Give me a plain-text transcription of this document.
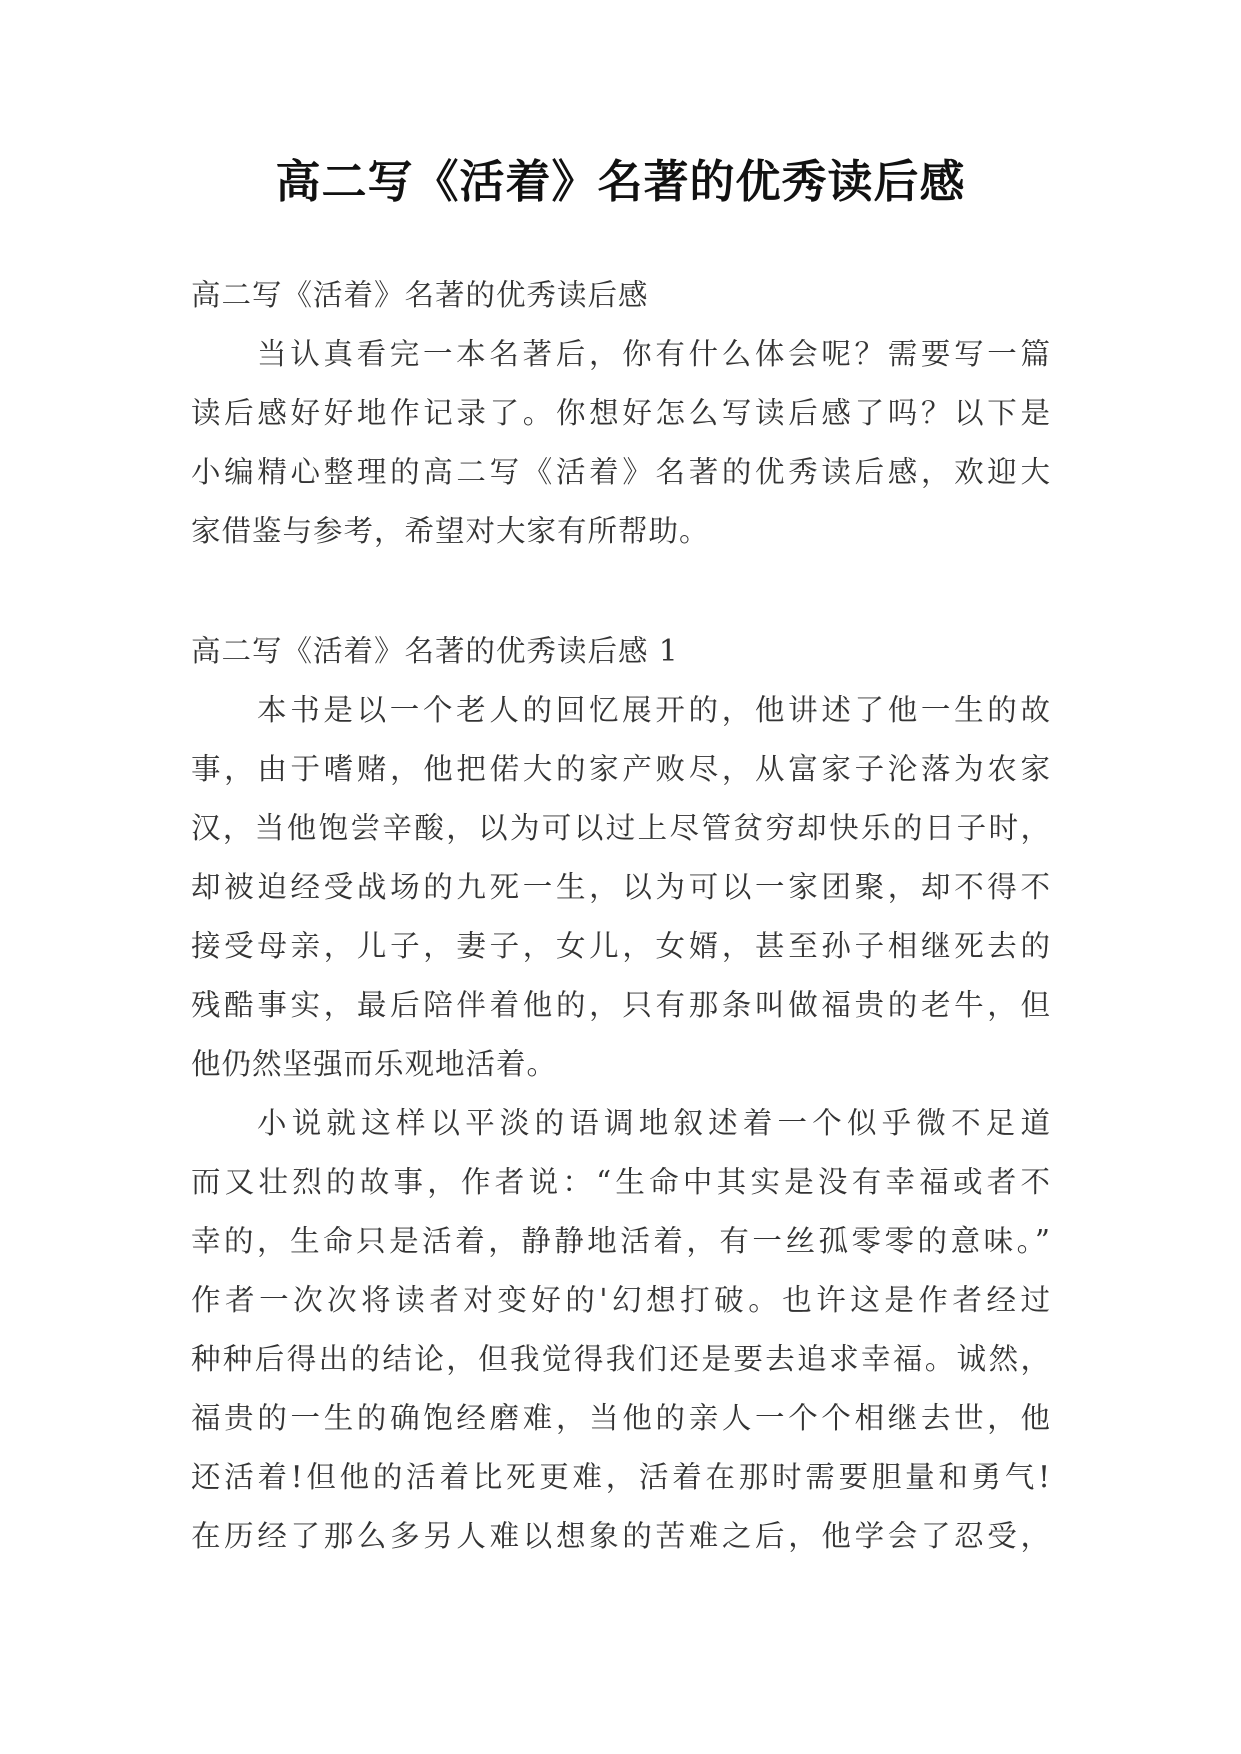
高二写《活着》名著的优秀读后感
高二写《活着》名著的优秀读后感
当认真看完一本名著后，你有什么体会呢？需要写一篇
读后感好好地作记录了。你想好怎么写读后感了吗？以下是
小编精心整理的高二写《活着》名著的优秀读后感，欢迎大
家借鉴与参考，希望对大家有所帮助。
高二写《活着》名著的优秀读后感 1
本书是以一个老人的回忆展开的，他讲述了他一生的故
事，由于嗜赌，他把偌大的家产败尽，从富家子沦落为农家
汉，当他饱尝辛酸，以为可以过上尽管贫穷却快乐的日子时，
却被迫经受战场的九死一生，以为可以一家团聚，却不得不
接受母亲，儿子，妻子，女儿，女婿，甚至孙子相继死去的
残酷事实，最后陪伴着他的，只有那条叫做福贵的老牛，但
他仍然坚强而乐观地活着。
小说就这样以平淡的语调地叙述着一个似乎微不足道
而又壮烈的故事，作者说：“生命中其实是没有幸福或者不
幸的，生命只是活着，静静地活着，有一丝孤零零的意味。”
作者一次次将读者对变好的'幻想打破。也许这是作者经过
种种后得出的结论，但我觉得我们还是要去追求幸福。诚然，
福贵的一生的确饱经磨难，当他的亲人一个个相继去世，他
还活着!但他的活着比死更难，活着在那时需要胆量和勇气!
在历经了那么多另人难以想象的苦难之后，他学会了忍受，
